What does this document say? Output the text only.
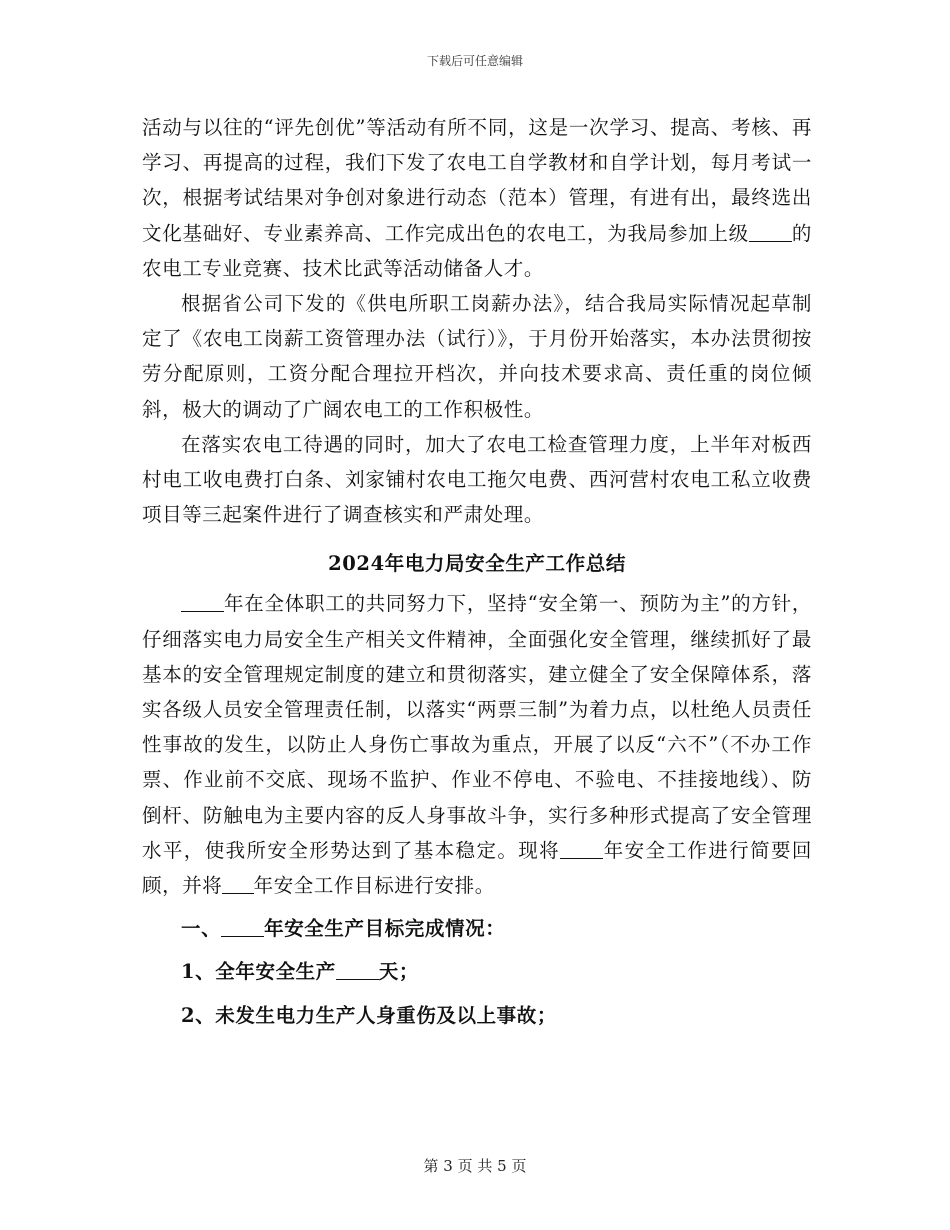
下载后可任意编辑

活动与以往的“评先创优”等活动有所不同，这是一次学习、提高、考核、再学习、再提高的过程，我们下发了农电工自学教材和自学计划，每月考试一次，根据考试结果对争创对象进行动态（范本）管理，有进有出，最终选出文化基础好、专业素养高、工作完成出色的农电工，为我局参加上级 的农电工专业竞赛、技术比武等活动储备人才。

根据省公司下发的《供电所职工岗薪办法》，结合我局实际情况起草制定了《农电工岗薪工资管理办法（试行）》，于月份开始落实，本办法贯彻按劳分配原则，工资分配合理拉开档次，并向技术要求高、责任重的岗位倾斜，极大的调动了广阔农电工的工作积极性。

在落实农电工待遇的同时，加大了农电工检查管理力度，上半年对板西村电工收电费打白条、刘家铺村农电工拖欠电费、西河营村农电工私立收费项目等三起案件进行了调查核实和严肃处理。

2024年电力局安全生产工作总结

年在全体职工的共同努力下，坚持“安全第一、预防为主”的方针，仔细落实电力局安全生产相关文件精神，全面强化安全管理，继续抓好了最基本的安全管理规定制度的建立和贯彻落实，建立健全了安全保障体系，落实各级人员安全管理责任制，以落实“两票三制”为着力点，以杜绝人员责任性事故的发生，以防止人身伤亡事故为重点，开展了以反“六不”（不办工作票、作业前不交底、现场不监护、作业不停电、不验电、不挂接地线）、防倒杆、防触电为主要内容的反人身事故斗争，实行多种形式提高了安全管理水平，使我所安全形势达到了基本稳定。现将 年安全工作进行简要回顾，并将 年安全工作目标进行安排。

一、 年安全生产目标完成情况：
1、全年安全生产 天；
2、未发生电力生产人身重伤及以上事故；
第 3 页 共 5 页
